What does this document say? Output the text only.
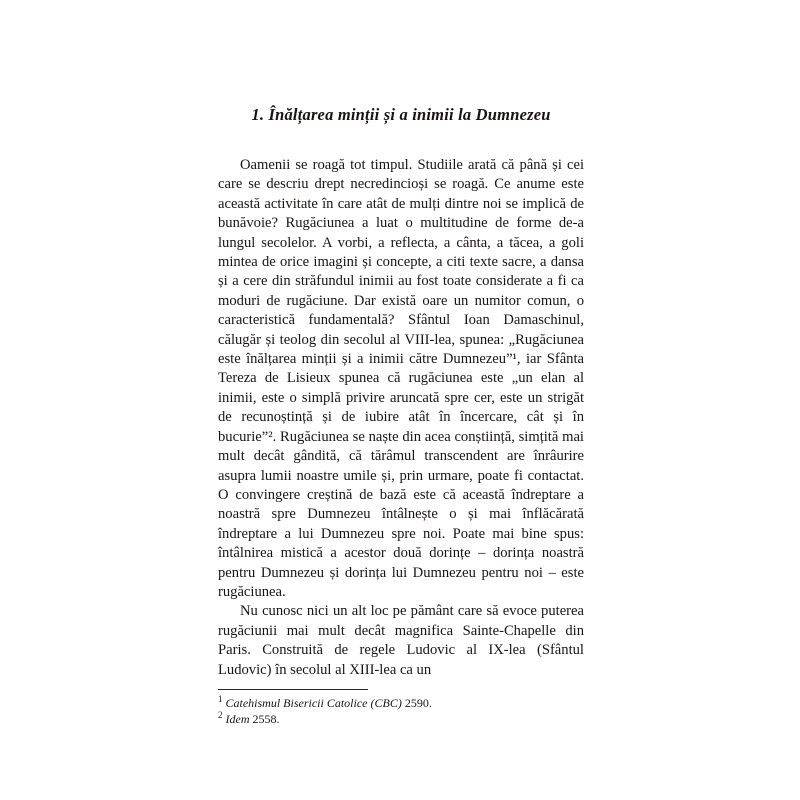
1. Înălțarea minții și a inimii la Dumnezeu

Oamenii se roagă tot timpul. Studiile arată că până și cei care se descriu drept necredincioși se roagă. Ce anume este această activitate în care atât de mulți dintre noi se implică de bunăvoie? Rugăciunea a luat o multitudine de forme de-a lungul secolelor. A vorbi, a reflecta, a cânta, a tăcea, a goli mintea de orice imagini și concepte, a citi texte sacre, a dansa și a cere din străfundul inimii au fost toate considerate a fi ca moduri de rugăciune. Dar există oare un numitor comun, o caracteristică fundamentală? Sfântul Ioan Damaschinul, călugăr și teolog din secolul al VIII-lea, spunea: „Rugăciunea este înălțarea minții și a inimii către Dumnezeu”¹, iar Sfânta Tereza de Lisieux spunea că rugăciunea este „un elan al inimii, este o simplă privire aruncată spre cer, este un strigăt de recunoștință și de iubire atât în încercare, cât și în bucurie”². Rugăciunea se naște din acea conștiință, simțită mai mult decât gândită, că tărâmul transcendent are înrâurire asupra lumii noastre umile și, prin urmare, poate fi contactat. O convingere creștină de bază este că această îndreptare a noastră spre Dumnezeu întâlnește o și mai înflăcărată îndreptare a lui Dumnezeu spre noi. Poate mai bine spus: întâlnirea mistică a acestor două dorințe – dorința noastră pentru Dumnezeu și dorința lui Dumnezeu pentru noi – este rugăciunea.

Nu cunosc nici un alt loc pe pământ care să evoce puterea rugăciunii mai mult decât magnifica Sainte-Chapelle din Paris. Construită de regele Ludovic al IX-lea (Sfântul Ludovic) în secolul al XIII-lea ca un

$^1$ Catehismul Bisericii Catolice (CBC) 2590.

$^2$ Idem 2558.
